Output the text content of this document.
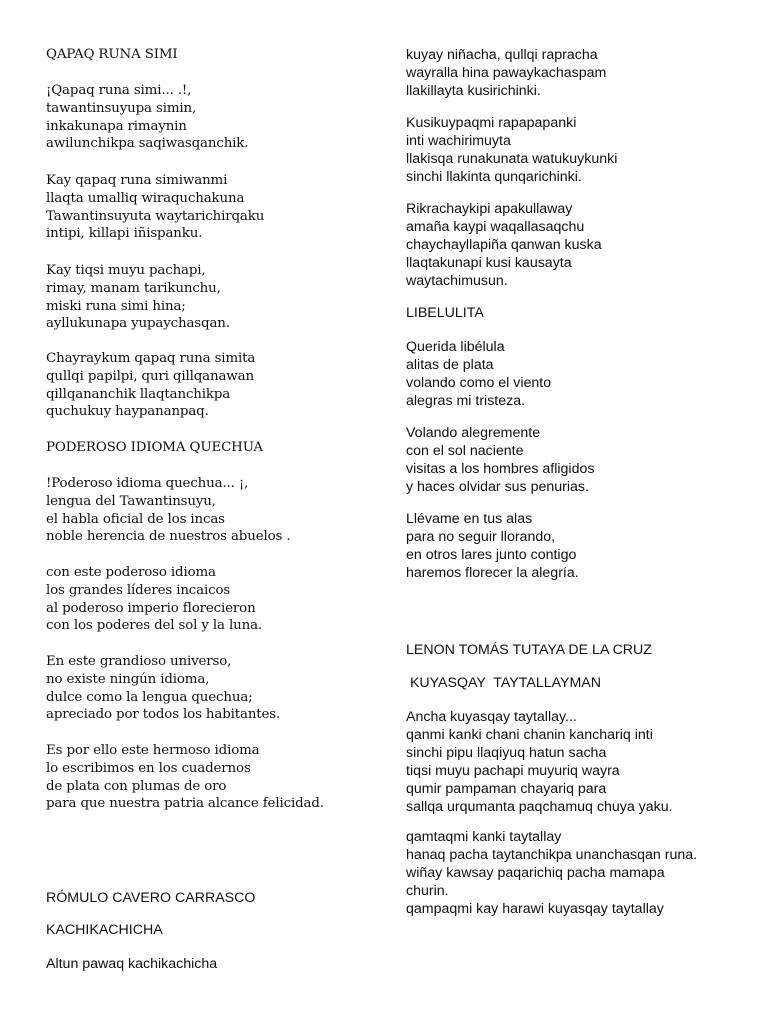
QAPAQ RUNA SIMI
¡Qapaq runa simi... .!,
tawantinsuyupa simin,
inkakunapa rimaynin
awilunchikpa saqiwasqanchik.
Kay qapaq runa simiwanmi
llaqta umalliq wiraquchakuna
Tawantinsuyuta waytarichirqaku
intipi, killapi iñispanku.
Kay tiqsi muyu pachapi,
rimay, manam tarikunchu,
miski runa simi hina;
ayllukunapa yupaychasqan.
Chayraykum qapaq runa simita
qullqi papilpi, quri qillqanawan
qillqananchik llaqtanchikpa
quchukuy haypananpaq.
PODEROSO IDIOMA QUECHUA
!Poderoso idioma quechua... ¡,
lengua del Tawantinsuyu,
el habla oficial de los incas
noble herencia de nuestros abuelos .
con este poderoso idioma
los grandes líderes incaicos
al poderoso imperio florecieron
con los poderes del sol y la luna.
En este grandioso universo,
no existe ningún idioma,
dulce como la lengua quechua;
apreciado por todos los habitantes.
Es por ello este hermoso idioma
lo escribimos en los cuadernos
de plata con plumas de oro
para que nuestra patria alcance felicidad.
RÓMULO CAVERO CARRASCO
KACHIKACHICHA
Altun pawaq kachikachicha
kuyay niñacha, qullqi rapracha
wayralla hina pawaykachaspam
llakillayta kusirichinki.
Kusikuypaqmi rapapapanki
inti wachirimuyta
llakisqa runakunata watukuykunki
sinchi llakinta qunqarichinki.
Rikrachaykipi apakullaway
amaña kaypi waqallasaqchu
chaychayllapiña qanwan kuska
llaqtakunapi kusi kausayta
waytachimusun.
LIBELULITA
Querida libélula
alitas de plata
volando como el viento
alegras mi tristeza.
Volando alegremente
con el sol naciente
visitas a los hombres afligidos
y haces olvidar sus penurias.
Llévame en tus alas
para no seguir llorando,
en otros lares junto contigo
haremos florecer la alegría.
LENON TOMÁS TUTAYA DE LA CRUZ
KUYASQAY  TAYTALLAYMAN
Ancha kuyasqay taytallay...
qanmi kanki chani chanin kanchariq inti
sinchi pipu llaqiyuq hatun sacha
tiqsi muyu pachapi muyuriq wayra
qumir pampaman chayariq para
sallqa urqumanta paqchamuq chuya yaku.
qamtaqmi kanki taytallay
hanaq pacha taytanchikpa unanchasqan runa.
wiñay kawsay paqarichiq pacha mamapa
churin.
qampaqmi kay harawi kuyasqay taytallay
